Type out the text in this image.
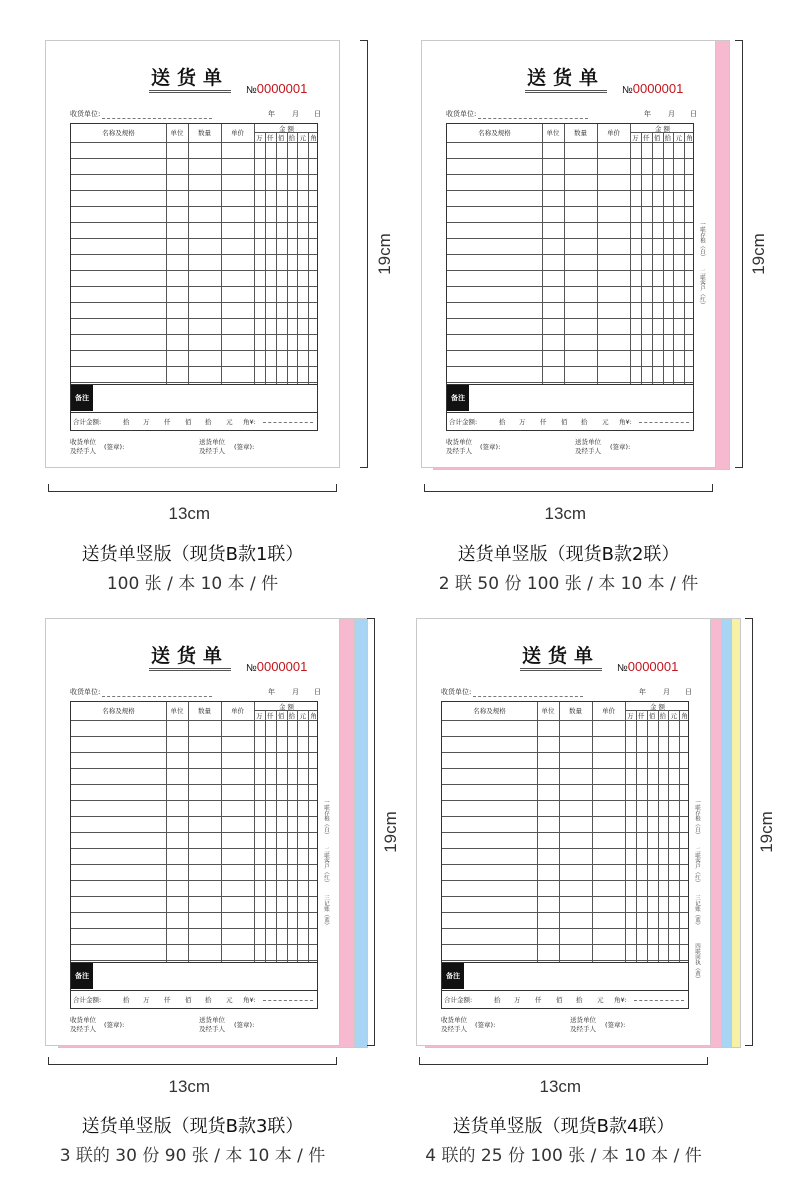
送货单
№0000001
收货单位:	年 月 日
名称及规格	单位	数量	单价	金 额
万 仟 佰 拾 元 角
备注
合计金额:	拾 万 仟 佰 拾 元 角¥:
收货单位
及经手人 (签章):
送货单位
及经手人 (签章):
19cm
13cm
送货单竖版（现货B款1联）
100 张 / 本 10 本 / 件
送货单
№0000001
收货单位:	年 月 日
名称及规格	单位	数量	单价	金 额
万 仟 佰 拾 元 角
备注
合计金额:	拾 万 仟 佰 拾 元 角¥:
收货单位
及经手人 (签章):
送货单位
及经手人 (签章):
一联存根（白）
二联客户（红）
19cm
13cm
送货单竖版（现货B款2联）
2 联 50 份 100 张 / 本 10 本 / 件
送货单
№0000001
收货单位:	年 月 日
名称及规格	单位	数量	单价	金 额
万 仟 佰 拾 元 角
备注
合计金额:	拾 万 仟 佰 拾 元 角¥:
收货单位
及经手人 (签章):
送货单位
及经手人 (签章):
一联存根（白）
二联客户（红）
三记账（蓝）
19cm
13cm
送货单竖版（现货B款3联）
3 联的 30 份 90 张 / 本 10 本 / 件
送货单
№0000001
收货单位:	年 月 日
名称及规格	单位	数量	单价	金 额
万 仟 佰 拾 元 角
备注
合计金额:	拾 万 仟 佰 拾 元 角¥:
收货单位
及经手人 (签章):
送货单位
及经手人 (签章):
一联存根（白）
二联客户（红）
三记账（蓝）
四联回执（黄）
19cm
13cm
送货单竖版（现货B款4联）
4 联的 25 份 100 张 / 本 10 本 / 件
